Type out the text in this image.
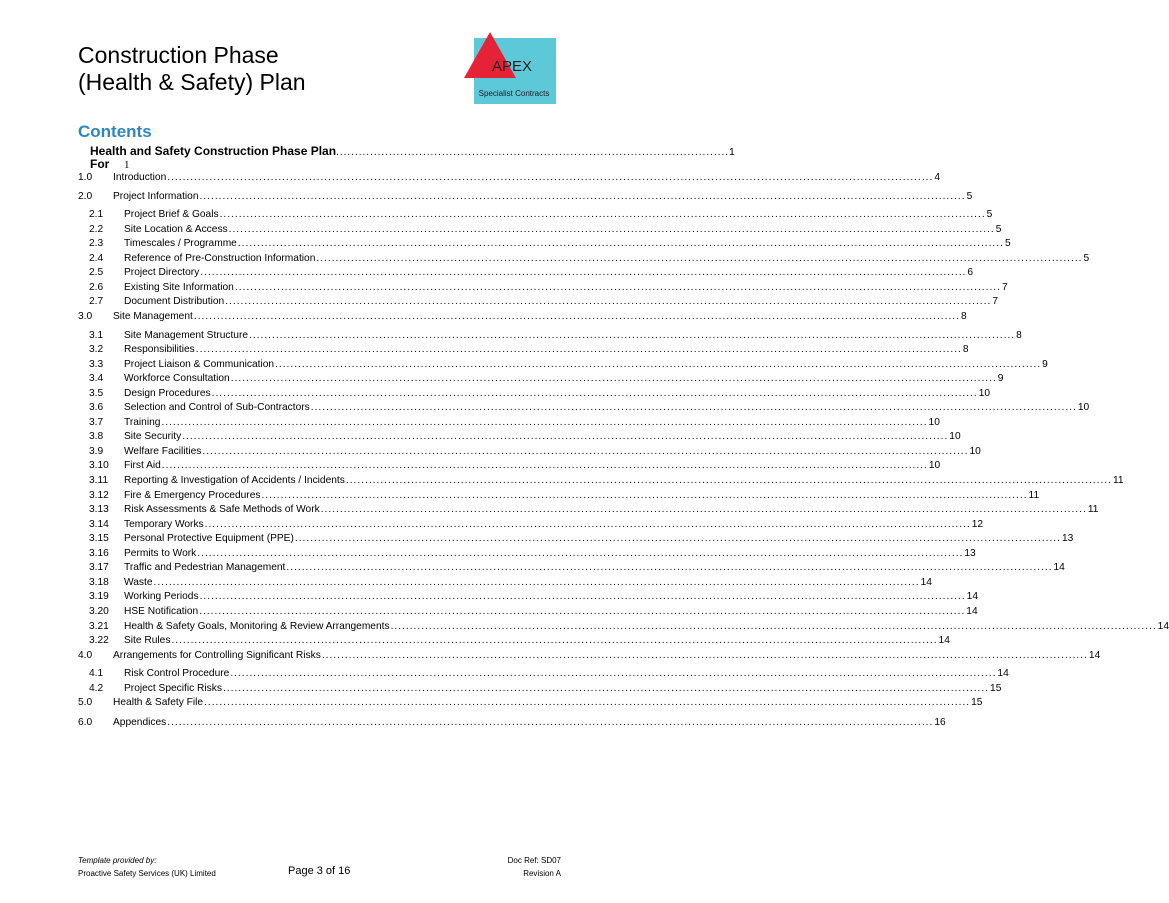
Construction Phase
(Health & Safety) Plan
APEX
Specialist Contracts
Contents
Health and Safety Construction Phase Plan ........................................................................................................ 1
For 1
1.0 Introduction ........................................................................................................................................................................................................ 4
2.0 Project Information ........................................................................................................................................................................................................ 5
2.1 Project Brief & Goals ........................................................................................................................................................................................................ 5
2.2 Site Location & Access ........................................................................................................................................................................................................ 5
2.3 Timescales / Programme ........................................................................................................................................................................................................ 5
2.4 Reference of Pre-Construction Information ........................................................................................................................................................................................................ 5
2.5 Project Directory ........................................................................................................................................................................................................ 6
2.6 Existing Site Information ........................................................................................................................................................................................................ 7
2.7 Document Distribution ........................................................................................................................................................................................................ 7
3.0 Site Management ........................................................................................................................................................................................................ 8
3.1 Site Management Structure ........................................................................................................................................................................................................ 8
3.2 Responsibilities ........................................................................................................................................................................................................ 8
3.3 Project Liaison & Communication ........................................................................................................................................................................................................ 9
3.4 Workforce Consultation ........................................................................................................................................................................................................ 9
3.5 Design Procedures ........................................................................................................................................................................................................ 10
3.6 Selection and Control of Sub-Contractors ........................................................................................................................................................................................................ 10
3.7 Training ........................................................................................................................................................................................................ 10
3.8 Site Security ........................................................................................................................................................................................................ 10
3.9 Welfare Facilities ........................................................................................................................................................................................................ 10
3.10 First Aid ........................................................................................................................................................................................................ 10
3.11 Reporting & Investigation of Accidents / Incidents ........................................................................................................................................................................................................ 11
3.12 Fire & Emergency Procedures ........................................................................................................................................................................................................ 11
3.13 Risk Assessments & Safe Methods of Work ........................................................................................................................................................................................................ 11
3.14 Temporary Works ........................................................................................................................................................................................................ 12
3.15 Personal Protective Equipment (PPE) ........................................................................................................................................................................................................ 13
3.16 Permits to Work ........................................................................................................................................................................................................ 13
3.17 Traffic and Pedestrian Management ........................................................................................................................................................................................................ 14
3.18 Waste ........................................................................................................................................................................................................ 14
3.19 Working Periods ........................................................................................................................................................................................................ 14
3.20 HSE Notification ........................................................................................................................................................................................................ 14
3.21 Health & Safety Goals, Monitoring & Review Arrangements ........................................................................................................................................................................................................ 14
3.22 Site Rules ........................................................................................................................................................................................................ 14
4.0 Arrangements for Controlling Significant Risks ........................................................................................................................................................................................................ 14
4.1 Risk Control Procedure ........................................................................................................................................................................................................ 14
4.2 Project Specific Risks ........................................................................................................................................................................................................ 15
5.0 Health & Safety File ........................................................................................................................................................................................................ 15
6.0 Appendices ........................................................................................................................................................................................................ 16
Template provided by:
Proactive Safety Services (UK) Limited	Page 3 of 16
Doc Ref: SD07
Revision A
